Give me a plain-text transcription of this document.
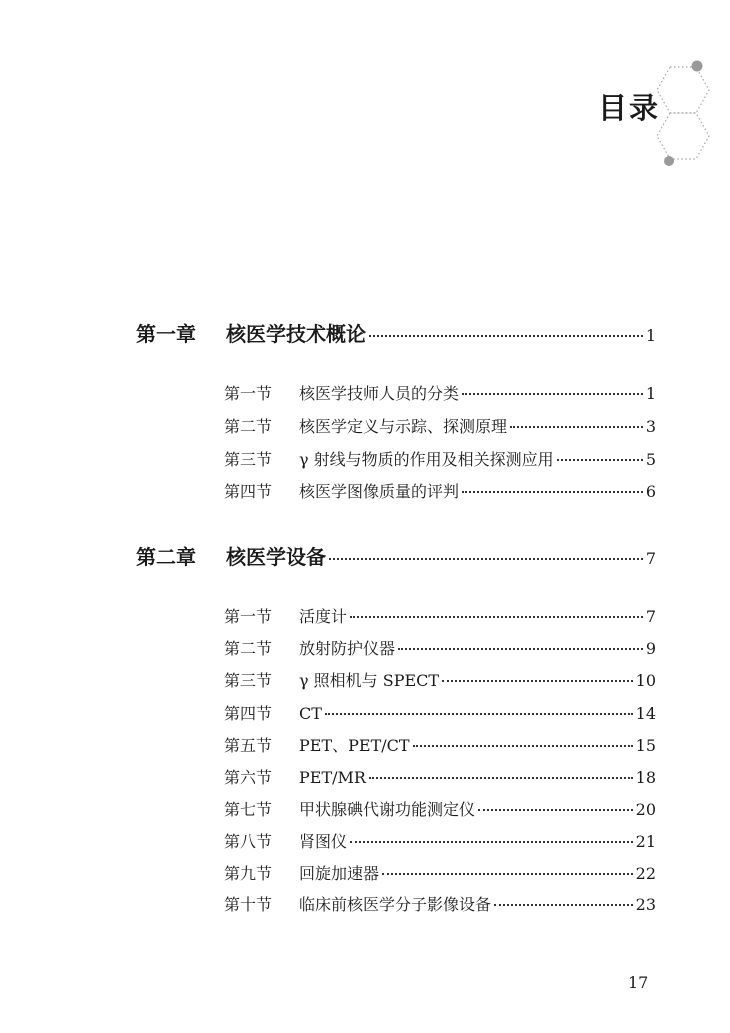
目录
第一章	核医学技术概论	1
第一节	核医学技师人员的分类	1
第二节	核医学定义与示踪、探测原理	3
第三节	γ 射线与物质的作用及相关探测应用	5
第四节	核医学图像质量的评判	6
第二章	核医学设备	7
第一节	活度计	7
第二节	放射防护仪器	9
第三节	γ 照相机与 SPECT	10
第四节	CT	14
第五节	PET、PET/CT	15
第六节	PET/MR	18
第七节	甲状腺碘代谢功能测定仪	20
第八节	肾图仪	21
第九节	回旋加速器	22
第十节	临床前核医学分子影像设备	23
17
